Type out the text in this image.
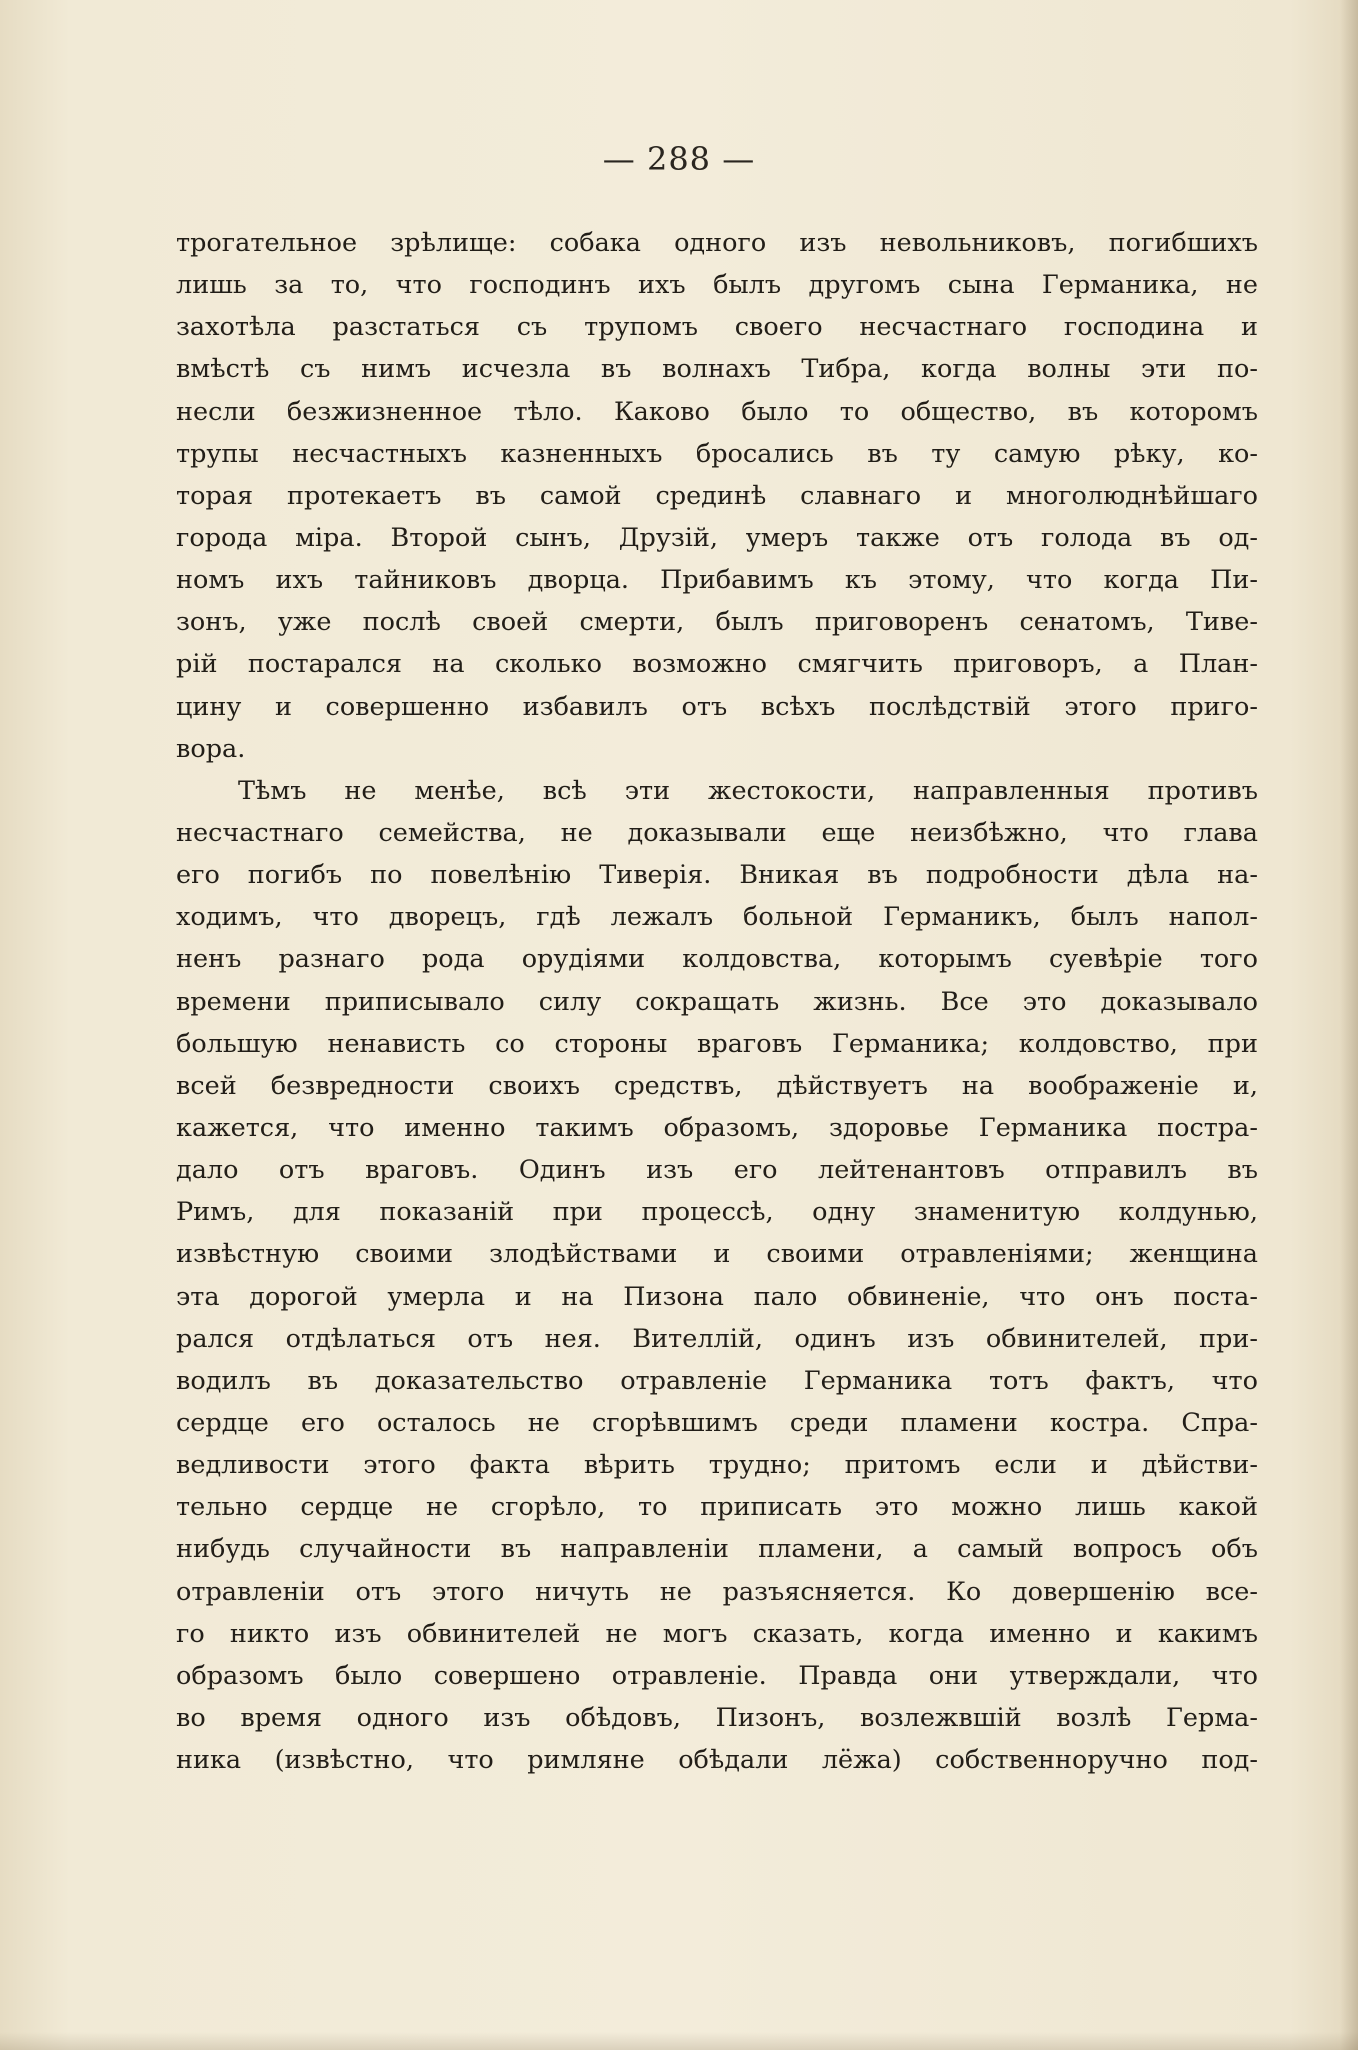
— 288 —
трогательное зрѣлище: собака одного изъ невольниковъ, погибшихъ
лишь за то, что господинъ ихъ былъ другомъ сына Германика, не
захотѣла разстаться съ трупомъ своего несчастнаго господина и
вмѣстѣ съ нимъ исчезла въ волнахъ Тибра, когда волны эти по-
несли безжизненное тѣло. Каково было то общество, въ которомъ
трупы несчастныхъ казненныхъ бросались въ ту самую рѣку, ко-
торая протекаетъ въ самой срединѣ славнаго и многолюднѣйшаго
города міра. Второй сынъ, Друзій, умеръ также отъ голода въ од-
номъ ихъ тайниковъ дворца. Прибавимъ къ этому, что когда Пи-
зонъ, уже послѣ своей смерти, былъ приговоренъ сенатомъ, Тиве-
рій постарался на сколько возможно смягчить приговоръ, а План-
цину и совершенно избавилъ отъ всѣхъ послѣдствій этого приго-
вора.
Тѣмъ не менѣе, всѣ эти жестокости, направленныя противъ
несчастнаго семейства, не доказывали еще неизбѣжно, что глава
его погибъ по повелѣнію Тиверія. Вникая въ подробности дѣла на-
ходимъ, что дворецъ, гдѣ лежалъ больной Германикъ, былъ напол-
ненъ разнаго рода орудіями колдовства, которымъ суевѣріе того
времени приписывало силу сокращать жизнь. Все это доказывало
большую ненависть со стороны враговъ Германика; колдовство, при
всей безвредности своихъ средствъ, дѣйствуетъ на воображеніе и,
кажется, что именно такимъ образомъ, здоровье Германика постра-
дало отъ враговъ. Одинъ изъ его лейтенантовъ отправилъ въ
Римъ, для показаній при процессѣ, одну знаменитую колдунью,
извѣстную своими злодѣйствами и своими отравленіями; женщина
эта дорогой умерла и на Пизона пало обвиненіе, что онъ поста-
рался отдѣлаться отъ нея. Вителлій, одинъ изъ обвинителей, при-
водилъ въ доказательство отравленіе Германика тотъ фактъ, что
сердце его осталось не сгорѣвшимъ среди пламени костра. Спра-
ведливости этого факта вѣрить трудно; притомъ если и дѣйстви-
тельно сердце не сгорѣло, то приписать это можно лишь какой
нибудь случайности въ направленіи пламени, а самый вопросъ объ
отравленіи отъ этого ничуть не разъясняется. Ко довершенію все-
го никто изъ обвинителей не могъ сказать, когда именно и какимъ
образомъ было совершено отравленіе. Правда они утверждали, что
во время одного изъ обѣдовъ, Пизонъ, возлежвшій возлѣ Герма-
ника (извѣстно, что римляне обѣдали лёжа) собственноручно под-
